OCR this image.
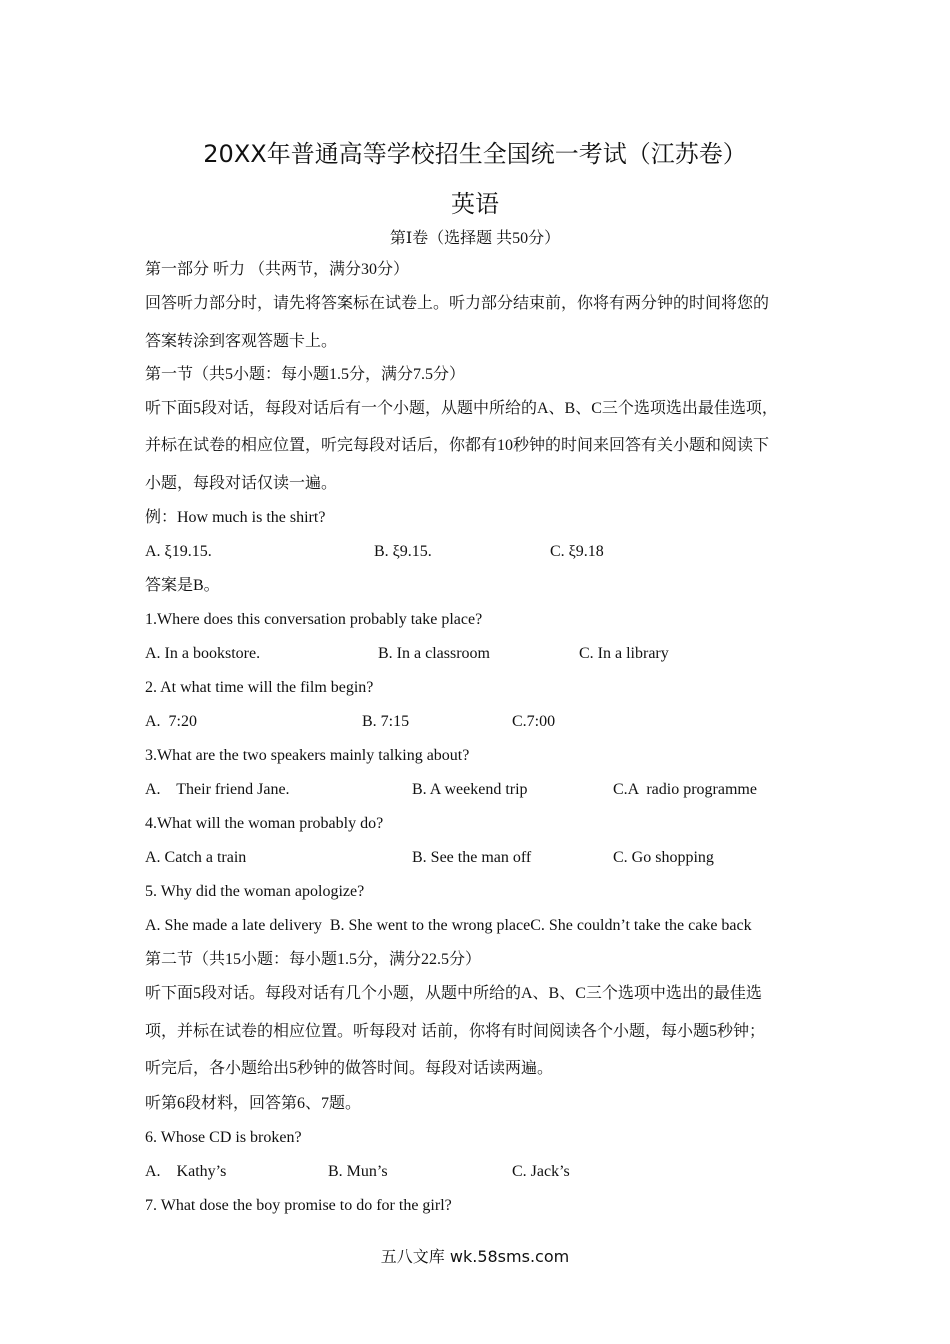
20XX年普通高等学校招生全国统一考试（江苏卷）
英语
第Ⅰ卷（选择题 共50分）
第一部分 听力 （共两节，满分30分）
回答听力部分时，请先将答案标在试卷上。听力部分结束前，你将有两分钟的时间将您的
答案转涂到客观答题卡上。
第一节（共5小题：每小题1.5分，满分7.5分）
听下面5段对话，每段对话后有一个小题，从题中所给的A、B、C三个选项选出最佳选项，
并标在试卷的相应位置，听完每段对话后，你都有10秒钟的时间来回答有关小题和阅读下
小题，每段对话仅读一遍。
例：How much is the shirt?
A. ξ19.15.	B. ξ9.15.	C. ξ9.18
答案是B。
1.Where does this conversation probably take place?
A. In a bookstore.	B. In a classroom	C. In a library
2. At what time will the film begin?
A.  7:20	B. 7:15	C.7:00
3.What are the two speakers mainly talking about?
A.    Their friend Jane.	B. A weekend trip	C.A  radio programme
4.What will the woman probably do?
A. Catch a train	B. See the man off	C. Go shopping
5. Why did the woman apologize?
A. She made a late delivery  B. She went to the wrong placeC. She couldn’t take the cake back
第二节（共15小题：每小题1.5分，满分22.5分）
听下面5段对话。每段对话有几个小题，从题中所给的A、B、C三个选项中选出的最佳选
项，并标在试卷的相应位置。听每段对 话前，你将有时间阅读各个小题，每小题5秒钟；
听完后，各小题给出5秒钟的做答时间。每段对话读两遍。
听第6段材料，回答第6、7题。
6. Whose CD is broken?
A.    Kathy’s	B. Mun’s	C. Jack’s
7. What dose the boy promise to do for the girl?
五八文库 wk.58sms.com
